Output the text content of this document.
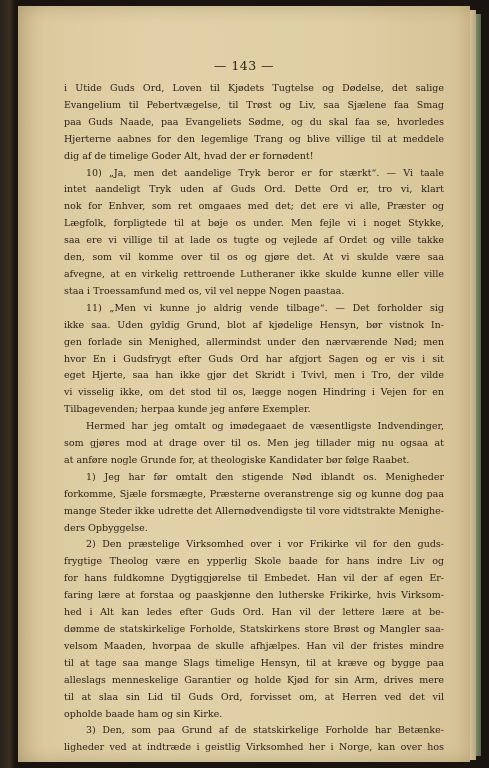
— 143 —
i Utide Guds Ord, Loven til Kjødets Tugtelse og Dødelse, det salige
Evangelium til Pebertvægelse, til Trøst og Liv, saa Sjælene faa Smag
paa Guds Naade, paa Evangeliets Sødme, og du skal faa se, hvorledes
Hjerterne aabnes for den legemlige Trang og blive villige til at meddele
dig af de timelige Goder Alt, hvad der er fornødent!
10) „Ja, men det aandelige Tryk beror er for stærkt“. — Vi taale
intet aandeligt Tryk uden af Guds Ord. Dette Ord er, tro vi, klart
nok for Enhver, som ret omgaaes med det; det ere vi alle, Præster og
Lægfolk, forpligtede til at bøje os under. Men fejle vi i noget Stykke,
saa ere vi villige til at lade os tugte og vejlede af Ordet og ville takke
den, som vil komme over til os og gjøre det. At vi skulde være saa
afvegne, at en virkelig rettroende Lutheraner ikke skulde kunne eller ville
staa i Troessamfund med os, vil vel neppe Nogen paastaa.
11) „Men vi kunne jo aldrig vende tilbage“. — Det forholder sig
ikke saa. Uden gyldig Grund, blot af kjødelige Hensyn, bør vistnok In-
gen forlade sin Menighed, allermindst under den nærværende Nød; men
hvor En i Gudsfrygt efter Guds Ord har afgjort Sagen og er vis i sit
eget Hjerte, saa han ikke gjør det Skridt i Tvivl, men i Tro, der vilde
vi visselig ikke, om det stod til os, lægge nogen Hindring i Vejen for en
Tilbagevenden; herpaa kunde jeg anføre Exempler.
Hermed har jeg omtalt og imødegaaet de væsentligste Indvendinger,
som gjøres mod at drage over til os. Men jeg tillader mig nu ogsaa at
at anføre nogle Grunde for, at theologiske Kandidater bør følge Raabet.
1) Jeg har før omtalt den stigende Nød iblandt os. Menigheder
forkomme, Sjæle forsmægte, Præsterne overanstrenge sig og kunne dog paa
mange Steder ikke udrette det Allernødvendigste til vore vidtstrakte Menighe-
ders Opbyggelse.
2) Den præstelige Virksomhed over i vor Frikirke vil for den guds-
frygtige Theolog være en ypperlig Skole baade for hans indre Liv og
for hans fuldkomne Dygtiggjørelse til Embedet. Han vil der af egen Er-
faring lære at forstaa og paaskjønne den lutherske Frikirke, hvis Virksom-
hed i Alt kan ledes efter Guds Ord. Han vil der lettere lære at be-
dømme de statskirkelige Forholde, Statskirkens store Brøst og Mangler saa-
velsom Maaden, hvorpaa de skulle afhjælpes. Han vil der fristes mindre
til at tage saa mange Slags timelige Hensyn, til at kræve og bygge paa
alleslags menneskelige Garantier og holde Kjød for sin Arm, drives mere
til at slaa sin Lid til Guds Ord, forvisset om, at Herren ved det vil
opholde baade ham og sin Kirke.
3) Den, som paa Grund af de statskirkelige Forholde har Betænke-
ligheder ved at indtræde i geistlig Virksomhed her i Norge, kan over hos
